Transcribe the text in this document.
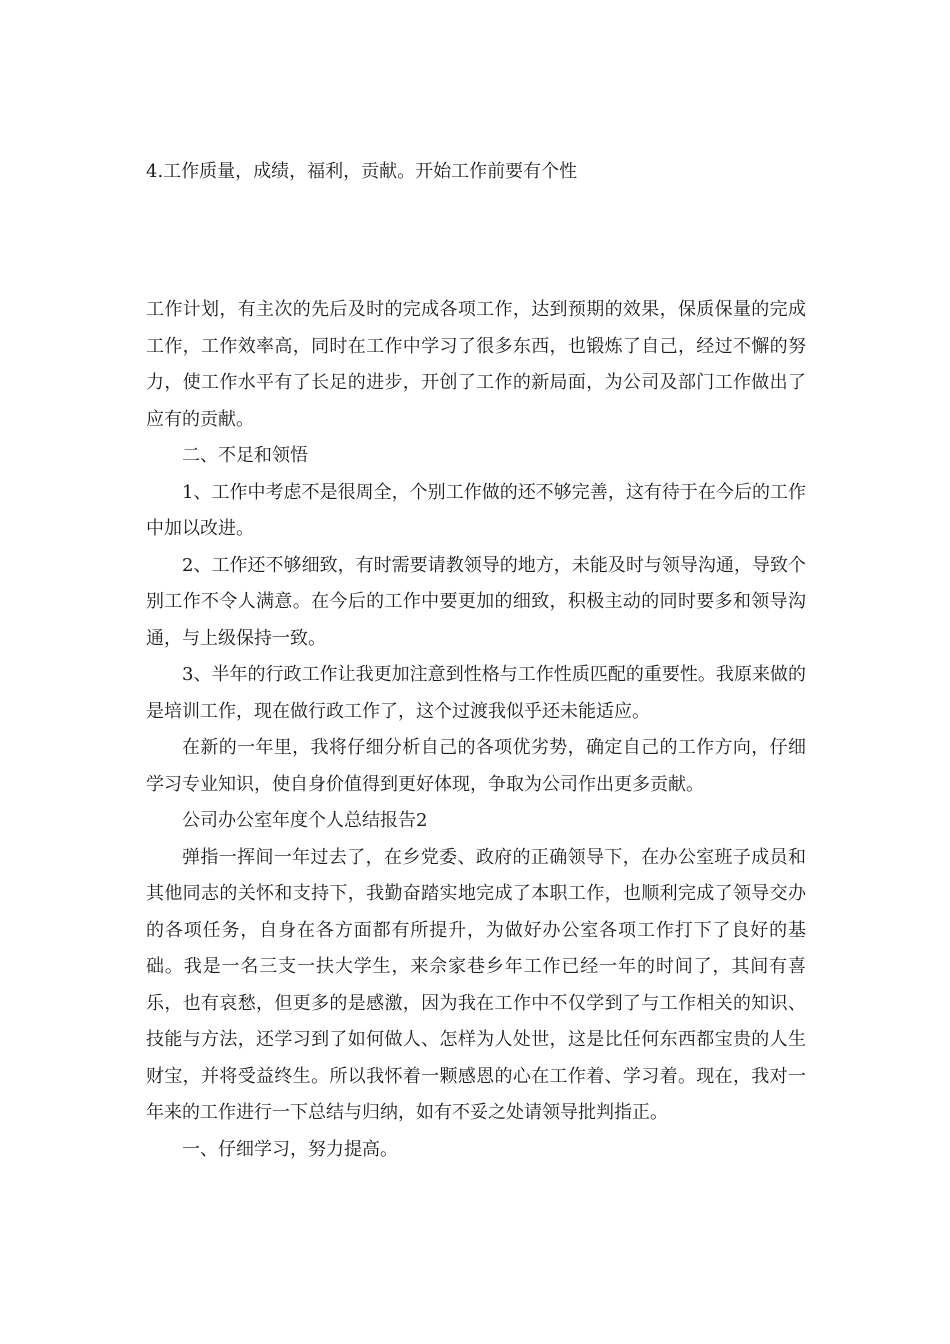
4.工作质量，成绩，福利，贡献。开始工作前要有个性

工作计划，有主次的先后及时的完成各项工作，达到预期的效果，保质保量的完成工作，工作效率高，同时在工作中学习了很多东西，也锻炼了自己，经过不懈的努力，使工作水平有了长足的进步，开创了工作的新局面，为公司及部门工作做出了应有的贡献。

二、不足和领悟

1、工作中考虑不是很周全，个别工作做的还不够完善，这有待于在今后的工作中加以改进。

2、工作还不够细致，有时需要请教领导的地方，未能及时与领导沟通，导致个别工作不令人满意。在今后的工作中要更加的细致，积极主动的同时要多和领导沟通，与上级保持一致。

3、半年的行政工作让我更加注意到性格与工作性质匹配的重要性。我原来做的是培训工作，现在做行政工作了，这个过渡我似乎还未能适应。

在新的一年里，我将仔细分析自己的各项优劣势，确定自己的工作方向，仔细学习专业知识，使自身价值得到更好体现，争取为公司作出更多贡献。

公司办公室年度个人总结报告2

弹指一挥间一年过去了，在乡党委、政府的正确领导下，在办公室班子成员和其他同志的关怀和支持下，我勤奋踏实地完成了本职工作，也顺利完成了领导交办的各项任务，自身在各方面都有所提升，为做好办公室各项工作打下了良好的基础。我是一名三支一扶大学生，来佘家巷乡年工作已经一年的时间了，其间有喜乐，也有哀愁，但更多的是感激，因为我在工作中不仅学到了与工作相关的知识、技能与方法，还学习到了如何做人、怎样为人处世，这是比任何东西都宝贵的人生财宝，并将受益终生。所以我怀着一颗感恩的心在工作着、学习着。现在，我对一年来的工作进行一下总结与归纳，如有不妥之处请领导批判指正。

一、仔细学习，努力提高。
